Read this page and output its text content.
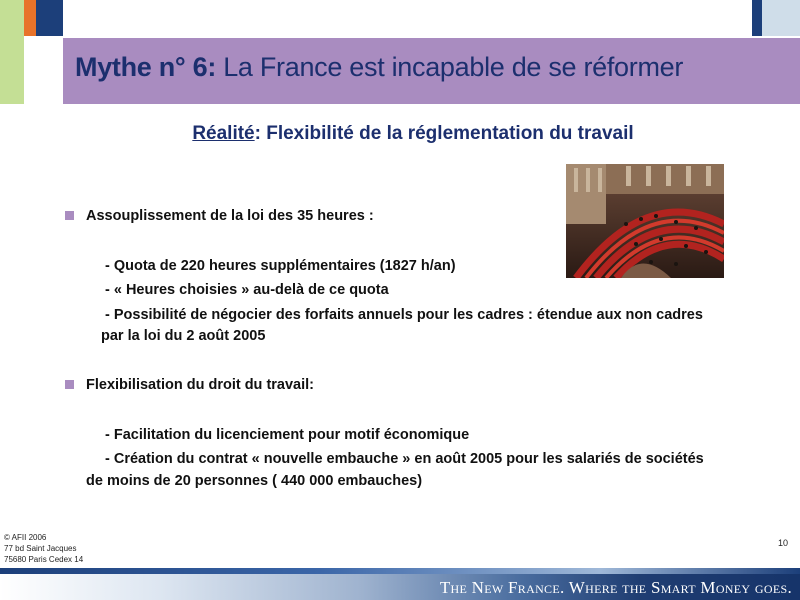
Mythe n° 6: La France est incapable de se réformer
Réalité: Flexibilité de la réglementation du travail
Assouplissement de la loi des 35 heures :
- Quota de 220 heures supplémentaires (1827 h/an)
- « Heures choisies » au-delà de ce quota
- Possibilité de négocier des forfaits annuels pour les cadres : étendue aux non cadres
par la loi du 2 août 2005
Flexibilisation du droit du travail:
- Facilitation du licenciement pour motif économique
- Création du contrat « nouvelle embauche » en août 2005 pour les salariés de sociétés
de moins de 20 personnes ( 440 000 embauches)
© AFII 2006
77 bd Saint Jacques
75680 Paris Cedex 14
10
The New France. Where the Smart Money goes.
